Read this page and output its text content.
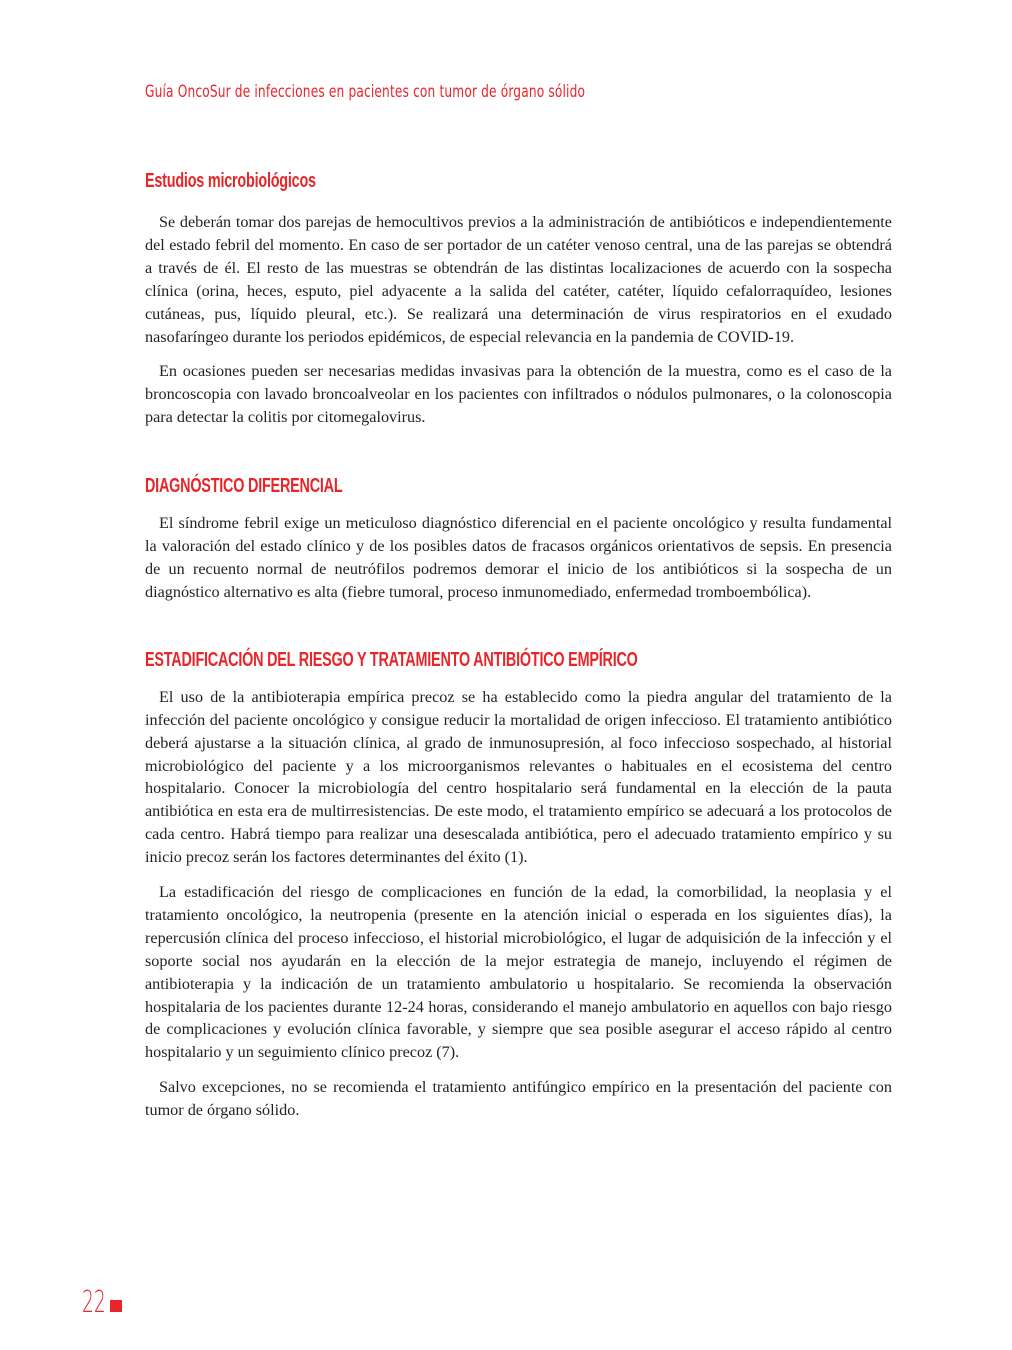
Guía OncoSur de infecciones en pacientes con tumor de órgano sólido
Estudios microbiológicos

Se deberán tomar dos parejas de hemocultivos previos a la administración de antibióticos e independientemente del estado febril del momento. En caso de ser portador de un catéter venoso central, una de las parejas se obtendrá a través de él. El resto de las muestras se obtendrán de las distintas localizaciones de acuerdo con la sospecha clínica (orina, heces, esputo, piel adyacente a la salida del catéter, catéter, líquido cefalorraquídeo, lesiones cutáneas, pus, líquido pleural, etc.). Se realizará una determinación de virus respiratorios en el exudado nasofaríngeo durante los periodos epidémicos, de especial relevancia en la pandemia de COVID-19.

En ocasiones pueden ser necesarias medidas invasivas para la obtención de la muestra, como es el caso de la broncoscopia con lavado broncoalveolar en los pacientes con infiltrados o nódulos pulmonares, o la colonoscopia para detectar la colitis por citomegalovirus.

DIAGNÓSTICO DIFERENCIAL

El síndrome febril exige un meticuloso diagnóstico diferencial en el paciente oncológico y resulta fundamental la valoración del estado clínico y de los posibles datos de fracasos orgánicos orientativos de sepsis. En presencia de un recuento normal de neutrófilos podremos demorar el inicio de los antibióticos si la sospecha de un diagnóstico alternativo es alta (fiebre tumoral, proceso inmunomediado, enfermedad tromboembólica).

ESTADIFICACIÓN DEL RIESGO Y TRATAMIENTO ANTIBIÓTICO EMPÍRICO

El uso de la antibioterapia empírica precoz se ha establecido como la piedra angular del tratamiento de la infección del paciente oncológico y consigue reducir la mortalidad de origen infeccioso. El tratamiento antibiótico deberá ajustarse a la situación clínica, al grado de inmunosupresión, al foco infeccioso sospechado, al historial microbiológico del paciente y a los microorganismos relevantes o habituales en el ecosistema del centro hospitalario. Conocer la microbiología del centro hospitalario será fundamental en la elección de la pauta antibiótica en esta era de multirresistencias. De este modo, el tratamiento empírico se adecuará a los protocolos de cada centro. Habrá tiempo para realizar una desescalada antibiótica, pero el adecuado tratamiento empírico y su inicio precoz serán los factores determinantes del éxito (1).

La estadificación del riesgo de complicaciones en función de la edad, la comorbilidad, la neoplasia y el tratamiento oncológico, la neutropenia (presente en la atención inicial o esperada en los siguientes días), la repercusión clínica del proceso infeccioso, el historial microbiológico, el lugar de adquisición de la infección y el soporte social nos ayudarán en la elección de la mejor estrategia de manejo, incluyendo el régimen de antibioterapia y la indicación de un tratamiento ambulatorio u hospitalario. Se recomienda la observación hospitalaria de los pacientes durante 12-24 horas, considerando el manejo ambulatorio en aquellos con bajo riesgo de complicaciones y evolución clínica favorable, y siempre que sea posible asegurar el acceso rápido al centro hospitalario y un seguimiento clínico precoz (7).

Salvo excepciones, no se recomienda el tratamiento antifúngico empírico en la presentación del paciente con tumor de órgano sólido.

22
